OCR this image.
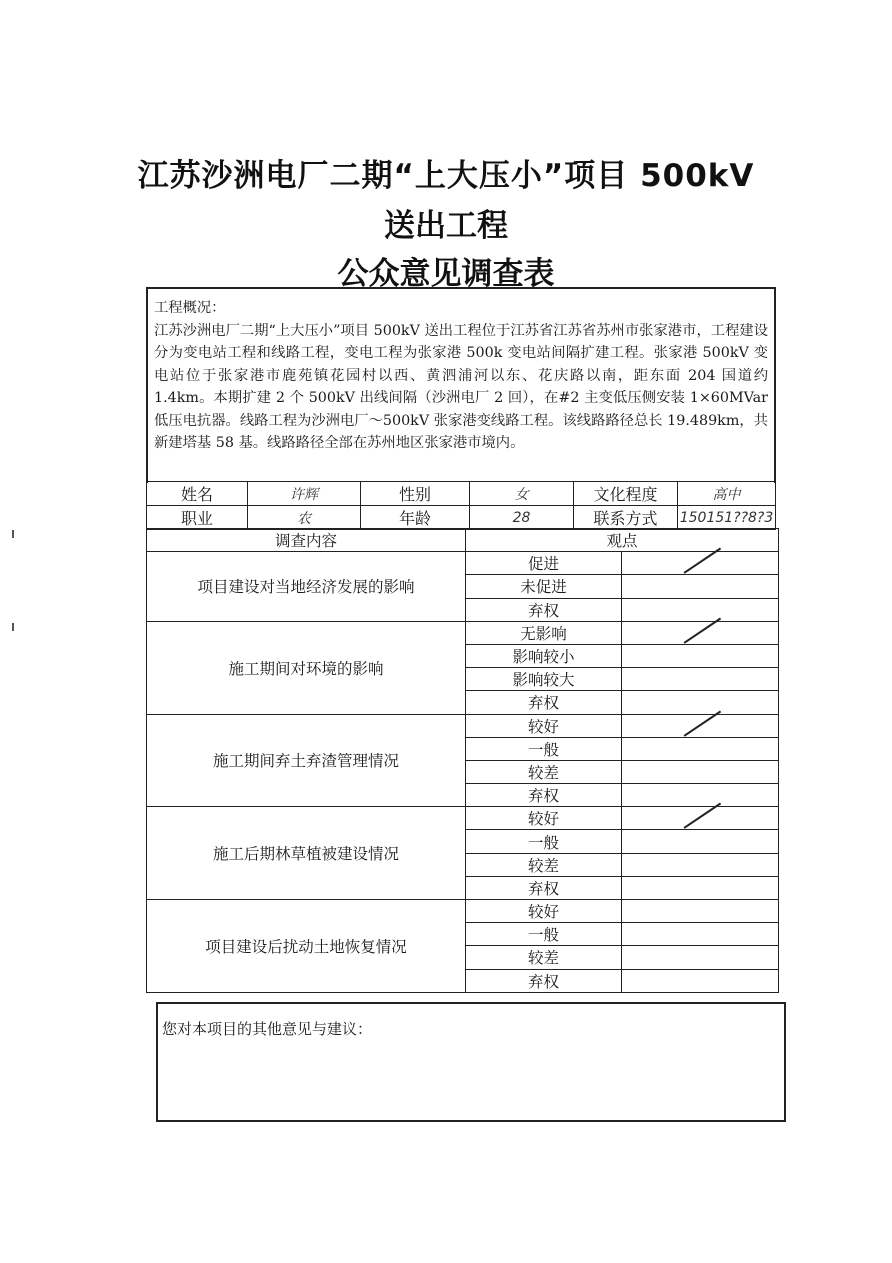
江苏沙洲电厂二期“上大压小”项目 500kV
送出工程
公众意见调查表
工程概况：
江苏沙洲电厂二期“上大压小”项目 500kV 送出工程位于江苏省江苏省苏州市张家港市，工程建设分为变电站工程和线路工程，变电工程为张家港 500k 变电站间隔扩建工程。张家港 500kV 变电站位于张家港市鹿苑镇花园村以西、黄泗浦河以东、花庆路以南，距东面 204 国道约 1.4km。本期扩建 2 个 500kV 出线间隔（沙洲电厂 2 回），在#2 主变低压侧安装 1×60MVar 低压电抗器。线路工程为沙洲电厂～500kV 张家港变线路工程。该线路路径总长 19.489km，共新建塔基 58 基。线路路径全部在苏州地区张家港市境内。
姓名	许辉	性别	女	文化程度	高中
职业	农	年龄	28	联系方式	150151??8?3
调查内容	观点	
项目建设对当地经济发展的影响	促进	

	未促进	
	弃权	
施工期间对环境的影响	无影响	

	影响较小	
	影响较大	
	弃权	
施工期间弃土弃渣管理情况	较好	

	一般	
	较差	
	弃权	
施工后期林草植被建设情况	较好	

	一般	
	较差	
	弃权	
项目建设后扰动土地恢复情况	较好	
	一般	
	较差	
	弃权	
您对本项目的其他意见与建议：
